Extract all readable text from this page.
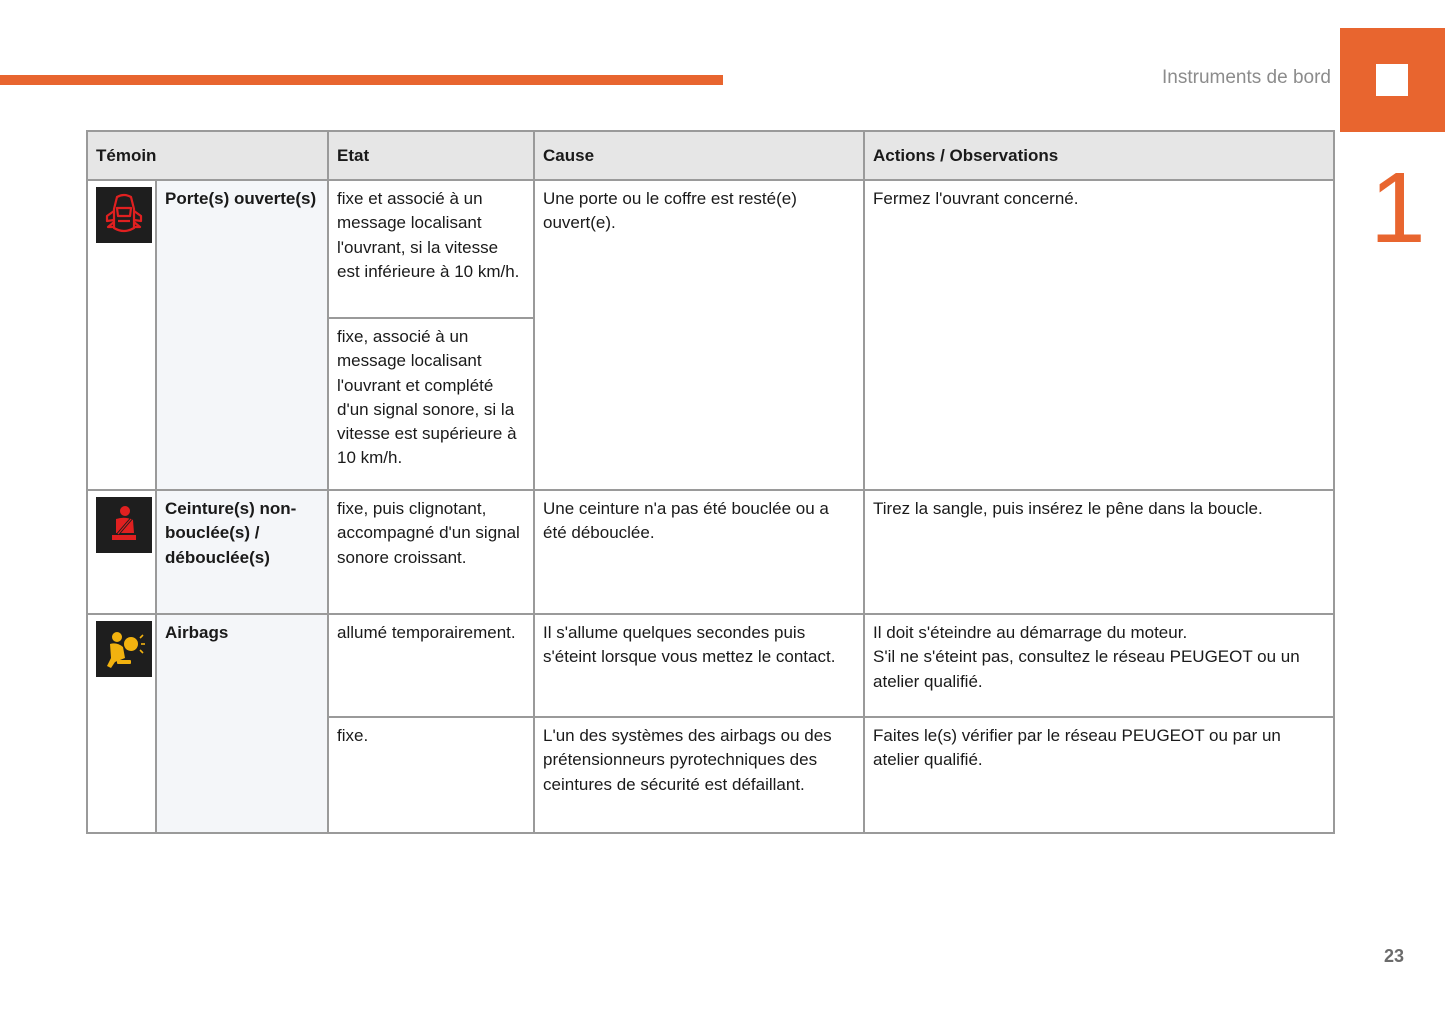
Instruments de bord
1
Témoin		Etat	Cause	Actions / Observations

	Porte(s) ouverte(s)	fixe et associé à un message localisant l'ouvrant, si la vitesse est inférieure à 10 km/h.	Une porte ou le coffre est resté(e) ouvert(e).	Fermez l'ouvrant concerné.
		fixe, associé à un message localisant l'ouvrant et complété d'un signal sonore, si la vitesse est supérieure à 10 km/h.		

	Ceinture(s) non-bouclée(s) / débouclée(s)	fixe, puis clignotant, accompagné d'un signal sonore croissant.	Une ceinture n'a pas été bouclée ou a été débouclée.	Tirez la sangle, puis insérez le pêne dans la boucle.

	Airbags	allumé temporairement.	Il s'allume quelques secondes puis s'éteint lorsque vous mettez le contact.	Il doit s'éteindre au démarrage du moteur.
S'il ne s'éteint pas, consultez le réseau PEUGEOT ou un atelier qualifié.

		fixe.	L'un des systèmes des airbags ou des prétensionneurs pyrotechniques des ceintures de sécurité est défaillant.	Faites le(s) vérifier par le réseau PEUGEOT ou par un atelier qualifié.
23
